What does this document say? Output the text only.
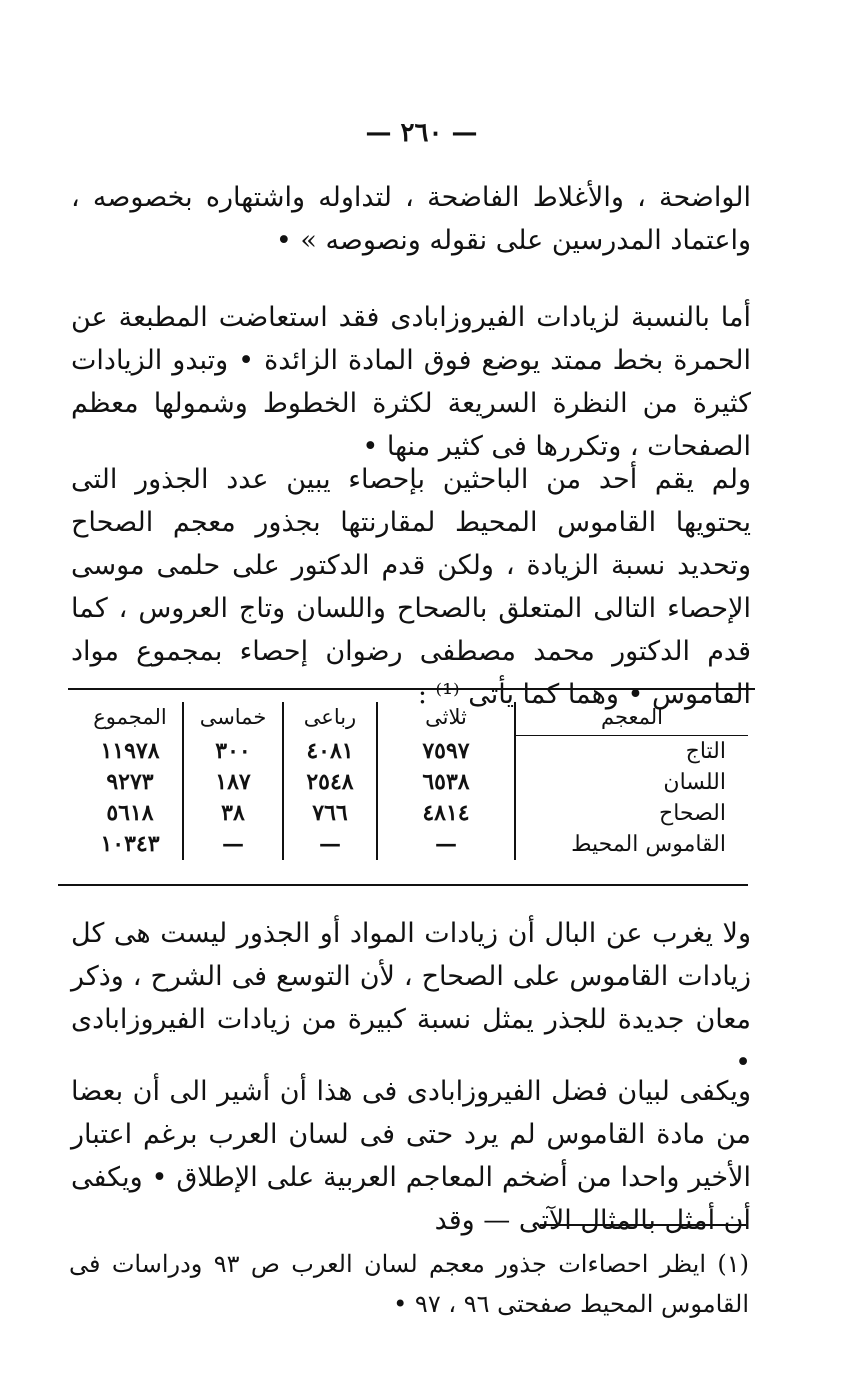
— ٢٦٠ —

الواضحة ، والأغلاط الفاضحة ، لتداوله واشتهاره بخصوصه ، واعتماد المدرسين على نقوله ونصوصه » •

أما بالنسبة لزيادات الفيروزابادى فقد استعاضت المطبعة عن الحمرة بخط ممتد يوضع فوق المادة الزائدة • وتبدو الزيادات كثيرة من النظرة السريعة لكثرة الخطوط وشمولها معظم الصفحات ، وتكررها فى كثير منها •

ولم يقم أحد من الباحثين بإحصاء يبين عدد الجذور التى يحتويها القاموس المحيط لمقارنتها بجذور معجم الصحاح وتحديد نسبة الزيادة ، ولكن قدم الدكتور على حلمى موسى الإحصاء التالى المتعلق بالصحاح واللسان وتاج العروس ، كما قدم الدكتور محمد مصطفى رضوان إحصاء بمجموع مواد القاموس • وهما كما يأتى ⁽¹⁾ :

المعجم	ثلاثى	رباعى	خماسى	المجموع
التاج	٧٥٩٧	٤٠٨١	٣٠٠	١١٩٧٨
اللسان	٦٥٣٨	٢٥٤٨	١٨٧	٩٢٧٣
الصحاح	٤٨١٤	٧٦٦	٣٨	٥٦١٨
القاموس المحيط	—	—	—	١٠٣٤٣

ولا يغرب عن البال أن زيادات المواد أو الجذور ليست هى كل زيادات القاموس على الصحاح ، لأن التوسع فى الشرح ، وذكر معان جديدة للجذر يمثل نسبة كبيرة من زيادات الفيروزابادى •

ويكفى لبيان فضل الفيروزابادى فى هذا أن أشير الى أن بعضا من مادة القاموس لم يرد حتى فى لسان العرب برغم اعتبار الأخير واحدا من أضخم المعاجم العربية على الإطلاق • ويكفى أن أمثل بالمثال الآتى — وقد

(١) ايظر احصاءات جذور معجم لسان العرب ص ٩٣ ودراسات فى القاموس المحيط صفحتى ٩٦ ، ٩٧ •
